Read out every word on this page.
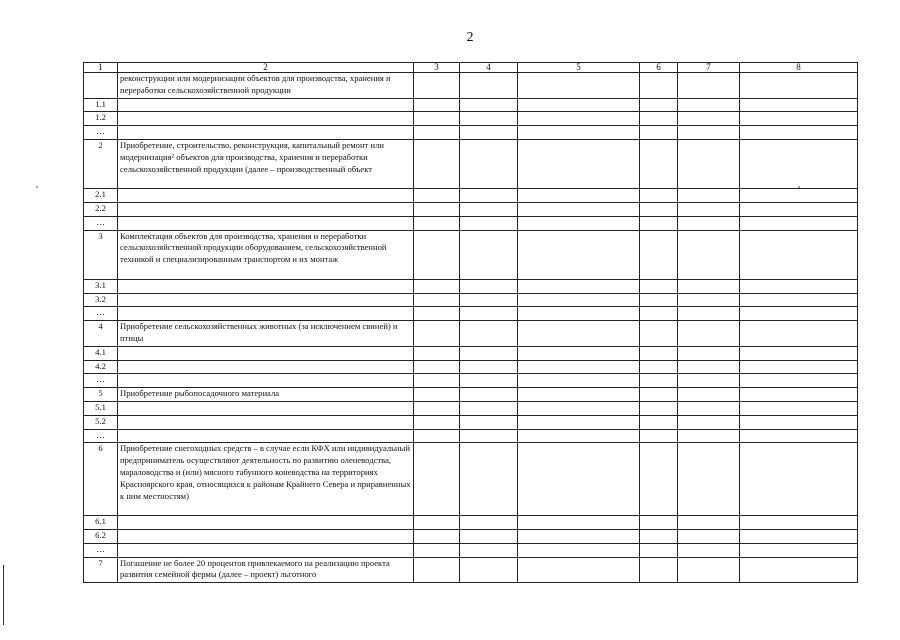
2
1	2	3	4	5	6	7	8
	реконструкции или модернизации объектов для производства, хранения и переработки сельскохозяйственной продукции						
1.1							
1.2							
…							
2	Приобретение, строительство, реконструкция, капитальный ремонт или модернизация² объектов для производства, хранения и переработки сельскохозяйственной продукции (далее – производственный объект						
2.1							
2.2							
…							
3	Комплектация объектов для производства, хранения и переработки сельскохозяйственной продукции оборудованием, сельскохозяйственной техникой и специализированным транспортом и их монтаж						
3.1							
3.2							
…							
4	Приобретение сельскохозяйственных животных (за исключением свиней) и птицы						
4.1							
4.2							
…							
5	Приобретение рыбопосадочного материала						
5.1							
5.2							
…							
6	Приобретение снегоходных средств – в случае если КФХ или индивидуальный предприниматель осуществляют деятельность по развитию оленеводства, мараловодства и (или) мясного табунного коневодства на территориях Красноярского края, относящихся к районам Крайнего Севера и приравненных к ним местностям)						
6.1							
6.2							
…							
7	Погашение не более 20 процентов привлекаемого на реализацию проекта развития семейной фермы (далее – проект) льготного						
